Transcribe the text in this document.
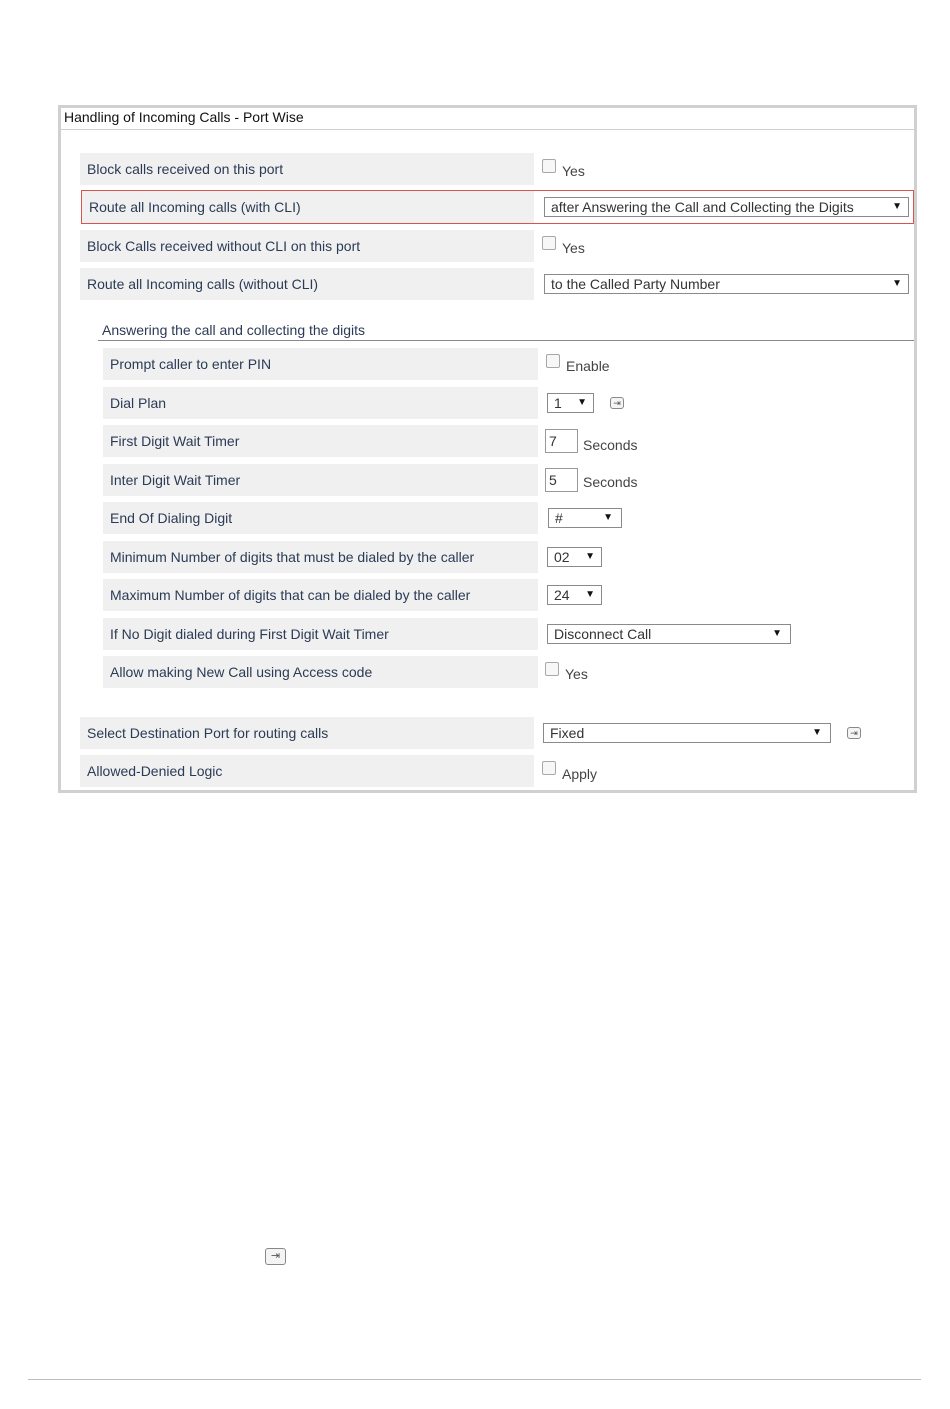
Handling of Incoming Calls - Port Wise
Block calls received on this port	Yes
Route all Incoming calls (with CLI)	after Answering the Call and Collecting the Digits	▼
Block Calls received without CLI on this port	Yes
Route all Incoming calls (without CLI)	to the Called Party Number	▼
Answering the call and collecting the digits
Prompt caller to enter PIN	Enable
Dial Plan	1 ▼	⇥
First Digit Wait Timer	7	Seconds
Inter Digit Wait Timer	5	Seconds
End Of Dialing Digit	#	▼
Minimum Number of digits that must be dialed by the caller	02 ▼
Maximum Number of digits that can be dialed by the caller	24 ▼
If No Digit dialed during First Digit Wait Timer	Disconnect Call	▼
Allow making New Call using Access code	Yes
Select Destination Port for routing calls	Fixed	▼	⇥
Allowed-Denied Logic	Apply
⇥
